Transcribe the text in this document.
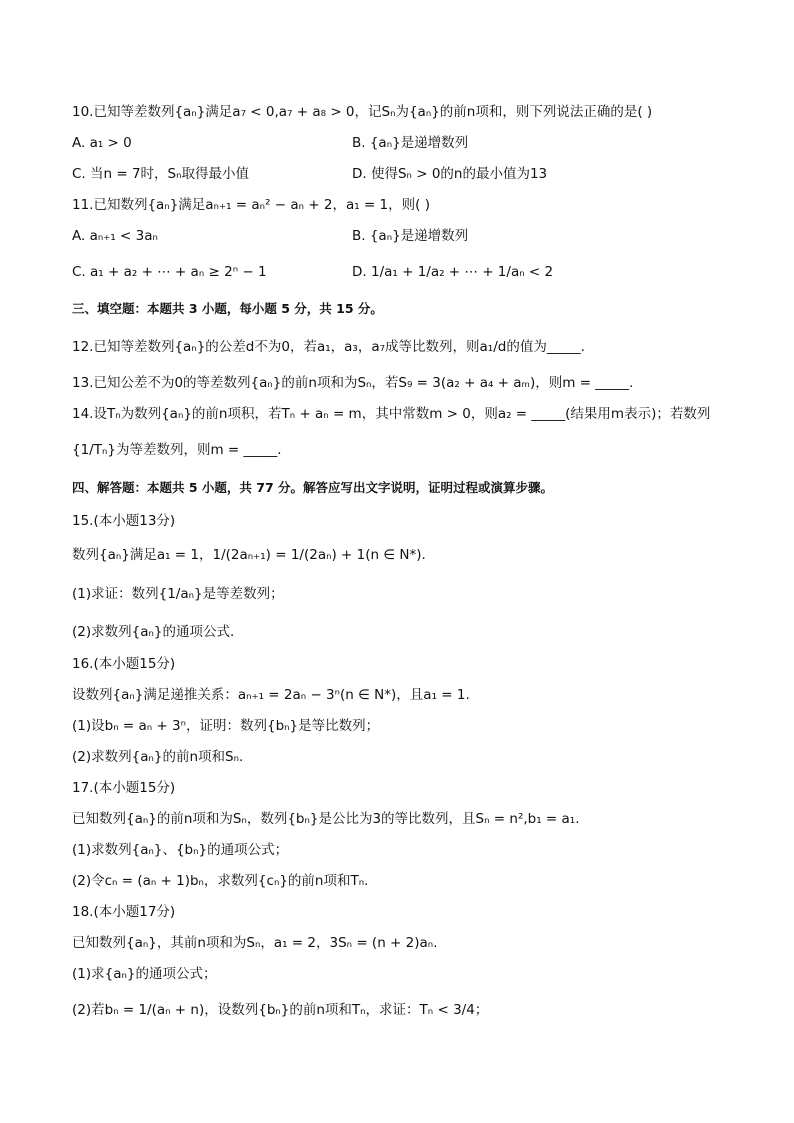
10.已知等差数列{aₙ}满足a₇ < 0,a₇ + a₈ > 0，记Sₙ为{aₙ}的前n项和，则下列说法正确的是( )
A. a₁ > 0	B. {aₙ}是递增数列
C. 当n = 7时，Sₙ取得最小值	D. 使得Sₙ > 0的n的最小值为13
11.已知数列{aₙ}满足aₙ₊₁ = aₙ² − aₙ + 2，a₁ = 1，则( )
A. aₙ₊₁ < 3aₙ	B. {aₙ}是递增数列
C. a₁ + a₂ + ⋯ + aₙ ≥ 2ⁿ − 1	D. 1/a₁ + 1/a₂ + ⋯ + 1/aₙ < 2
三、填空题：本题共 3 小题，每小题 5 分，共 15 分。
12.已知等差数列{aₙ}的公差d不为0，若a₁，a₃，a₇成等比数列，则a₁/d的值为_____.
13.已知公差不为0的等差数列{aₙ}的前n项和为Sₙ，若S₉ = 3(a₂ + a₄ + aₘ)，则m = _____.
14.设Tₙ为数列{aₙ}的前n项积，若Tₙ + aₙ = m，其中常数m > 0，则a₂ = _____(结果用m表示)；若数列
{1/Tₙ}为等差数列，则m = _____.
四、解答题：本题共 5 小题，共 77 分。解答应写出文字说明，证明过程或演算步骤。
15.(本小题13分)
数列{aₙ}满足a₁ = 1，1/(2aₙ₊₁) = 1/(2aₙ) + 1(n ∈ N*).
(1)求证：数列{1/aₙ}是等差数列；
(2)求数列{aₙ}的通项公式.
16.(本小题15分)
设数列{aₙ}满足递推关系：aₙ₊₁ = 2aₙ − 3ⁿ(n ∈ N*)，且a₁ = 1.
(1)设bₙ = aₙ + 3ⁿ，证明：数列{bₙ}是等比数列；
(2)求数列{aₙ}的前n项和Sₙ.
17.(本小题15分)
已知数列{aₙ}的前n项和为Sₙ，数列{bₙ}是公比为3的等比数列，且Sₙ = n²,b₁ = a₁.
(1)求数列{aₙ}、{bₙ}的通项公式；
(2)令cₙ = (aₙ + 1)bₙ，求数列{cₙ}的前n项和Tₙ.
18.(本小题17分)
已知数列{aₙ}，其前n项和为Sₙ，a₁ = 2，3Sₙ = (n + 2)aₙ.
(1)求{aₙ}的通项公式；
(2)若bₙ = 1/(aₙ + n)，设数列{bₙ}的前n项和Tₙ，求证：Tₙ < 3/4；
